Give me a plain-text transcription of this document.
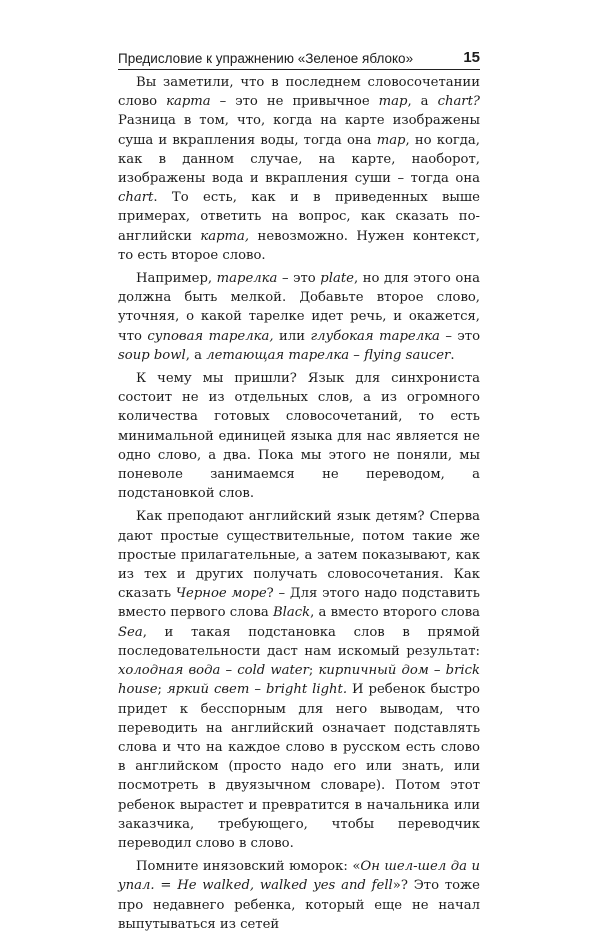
Предисловие к упражнению «Зеленое яблоко»	15

Вы заметили, что в последнем словосочетании слово карта – это не привычное map, а chart? Разница в том, что, когда на карте изображены суша и вкрапления воды, тогда она map, но когда, как в данном случае, на карте, наоборот, изображены вода и вкрапления суши – тогда она chart. То есть, как и в приведенных выше примерах, ответить на вопрос, как сказать по-английски карта, невозможно. Нужен контекст, то есть второе слово.

Например, тарелка – это plate, но для этого она должна быть мелкой. Добавьте второе слово, уточняя, о какой тарелке идет речь, и окажется, что суповая тарелка, или глубокая тарелка – это soup bowl, а летающая тарелка – flying saucer.

К чему мы пришли? Язык для синхрониста состоит не из отдельных слов, а из огромного количества готовых словосочетаний, то есть минимальной единицей языка для нас является не одно слово, а два. Пока мы этого не поняли, мы поневоле занимаемся не переводом, а подстановкой слов.

Как преподают английский язык детям? Сперва дают простые существительные, потом такие же простые прилагательные, а затем показывают, как из тех и других получать словосочетания. Как сказать Черное море? – Для этого надо подставить вместо первого слова Black, а вместо второго слова Sea, и такая подстановка слов в прямой последовательности даст нам искомый результат: холодная вода – cold water; кирпичный дом – brick house; яркий свет – bright light. И ребенок быстро придет к бесспорным для него выводам, что переводить на английский означает подставлять слова и что на каждое слово в русском есть слово в английском (просто надо его или знать, или посмотреть в двуязычном словаре). Потом этот ребенок вырастет и превратится в начальника или заказчика, требующего, чтобы переводчик переводил слово в слово.

Помните инязовский юморок: «Он шел-шел да и упал. = He walked, walked yes and fell»? Это тоже про недавнего ребенка, который еще не начал выпутываться из сетей
